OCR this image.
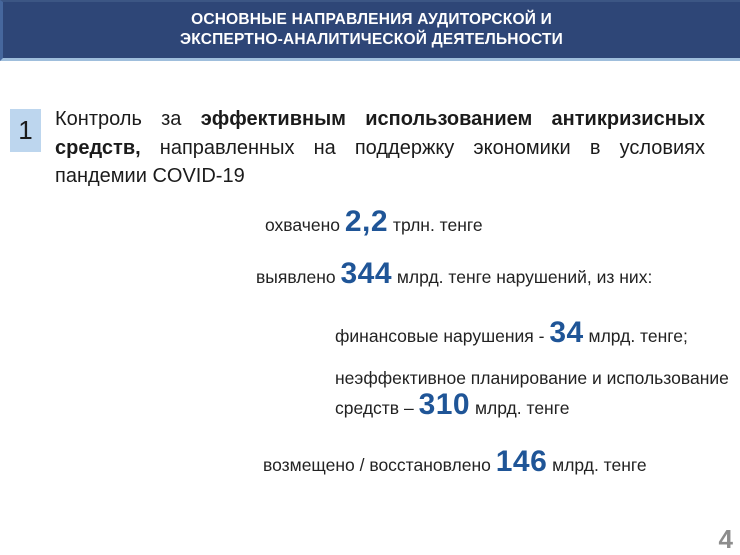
ОСНОВНЫЕ НАПРАВЛЕНИЯ АУДИТОРСКОЙ И
ЭКСПЕРТНО-АНАЛИТИЧЕСКОЙ ДЕЯТЕЛЬНОСТИ
1	Контроль за эффективным использованием антикризисных средств, направленных на поддержку экономики в условиях пандемии COVID-19

охвачено 2,2 трлн. тенге
выявлено 344 млрд. тенге нарушений, из них:
финансовые нарушения - 34 млрд. тенге;
неэффективное планирование и использование
средств – 310 млрд. тенге
возмещено / восстановлено 146 млрд. тенге
4
